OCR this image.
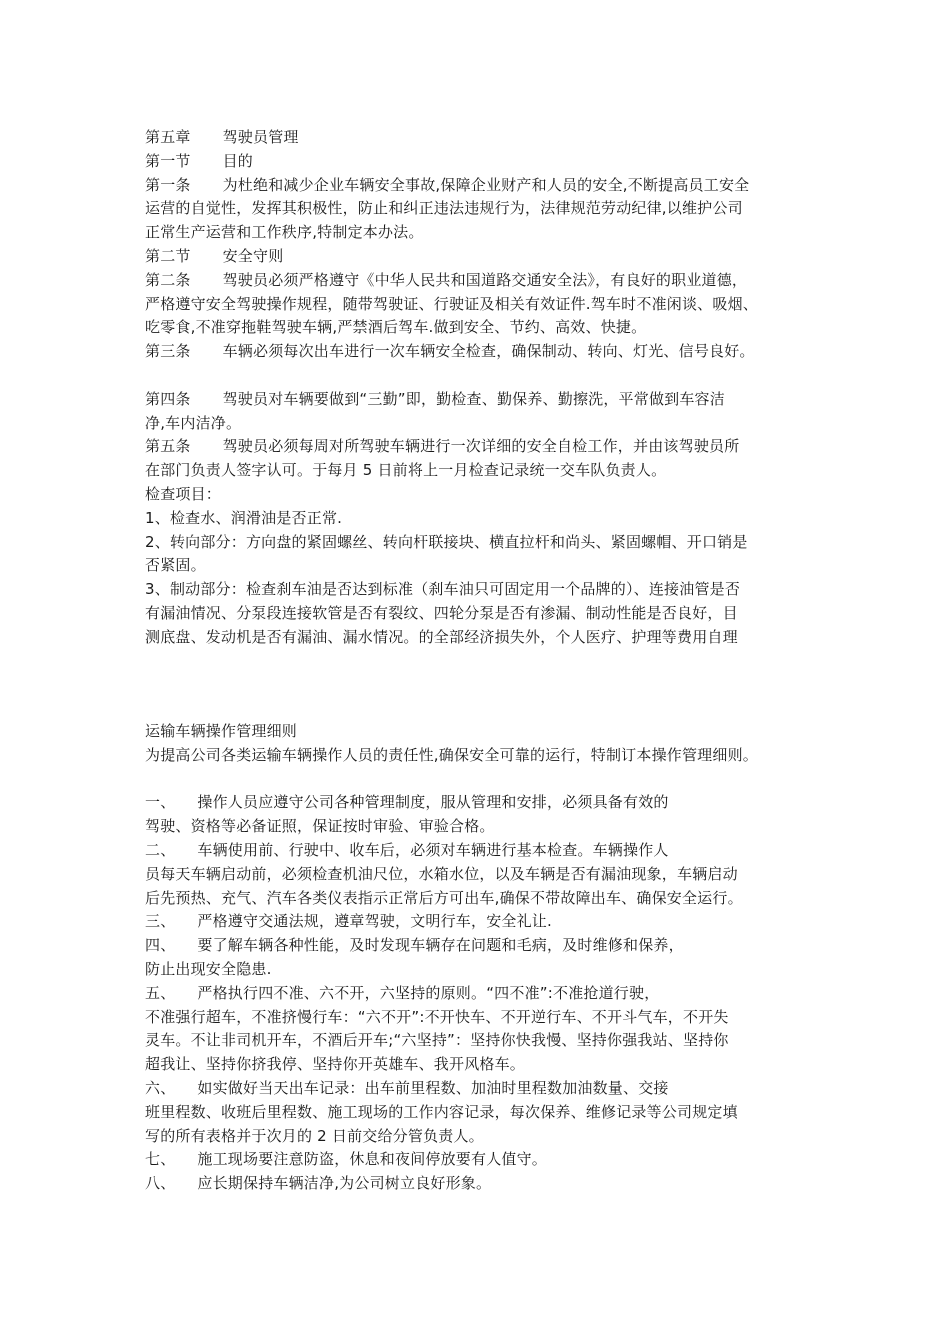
第五章 驾驶员管理
第一节 目的
第一条 为杜绝和减少企业车辆安全事故,保障企业财产和人员的安全,不断提高员工安全
运营的自觉性，发挥其积极性，防止和纠正违法违规行为，法律规范劳动纪律,以维护公司
正常生产运营和工作秩序,特制定本办法。
第二节 安全守则
第二条 驾驶员必须严格遵守《中华人民共和国道路交通安全法》，有良好的职业道德，
严格遵守安全驾驶操作规程，随带驾驶证、行驶证及相关有效证件.驾车时不准闲谈、吸烟、
吃零食,不准穿拖鞋驾驶车辆,严禁酒后驾车.做到安全、节约、高效、快捷。
第三条 车辆必须每次出车进行一次车辆安全检查，确保制动、转向、灯光、信号良好。
第四条 驾驶员对车辆要做到“三勤”即，勤检查、勤保养、勤擦洗，平常做到车容洁
净,车内洁净。
第五条 驾驶员必须每周对所驾驶车辆进行一次详细的安全自检工作，并由该驾驶员所
在部门负责人签字认可。于每月 5 日前将上一月检查记录统一交车队负责人。
检查项目：
1、检查水、润滑油是否正常.
2、转向部分：方向盘的紧固螺丝、转向杆联接块、横直拉杆和尚头、紧固螺帽、开口销是
否紧固。
3、制动部分：检查刹车油是否达到标准（刹车油只可固定用一个品牌的）、连接油管是否
有漏油情况、分泵段连接软管是否有裂纹、四轮分泵是否有渗漏、制动性能是否良好，目
测底盘、发动机是否有漏油、漏水情况。的全部经济损失外，个人医疗、护理等费用自理
运输车辆操作管理细则
为提高公司各类运输车辆操作人员的责任性,确保安全可靠的运行，特制订本操作管理细则。
一、 操作人员应遵守公司各种管理制度，服从管理和安排，必须具备有效的
驾驶、资格等必备证照，保证按时审验、审验合格。
二、 车辆使用前、行驶中、收车后，必须对车辆进行基本检查。车辆操作人
员每天车辆启动前，必须检查机油尺位，水箱水位，以及车辆是否有漏油现象，车辆启动
后先预热、充气、汽车各类仪表指示正常后方可出车,确保不带故障出车、确保安全运行。
三、 严格遵守交通法规，遵章驾驶，文明行车，安全礼让.
四、 要了解车辆各种性能，及时发现车辆存在问题和毛病，及时维修和保养，
防止出现安全隐患.
五、 严格执行四不准、六不开，六坚持的原则。“四不准”:不准抢道行驶，
不准强行超车，不准挤慢行车：“六不开”:不开快车、不开逆行车、不开斗气车，不开失
灵车。不让非司机开车，不酒后开车;“六坚持”：坚持你快我慢、坚持你强我站、坚持你
超我让、坚持你挤我停、坚持你开英雄车、我开风格车。
六、 如实做好当天出车记录：出车前里程数、加油时里程数加油数量、交接
班里程数、收班后里程数、施工现场的工作内容记录，每次保养、维修记录等公司规定填
写的所有表格并于次月的 2 日前交给分管负责人。
七、 施工现场要注意防盗，休息和夜间停放要有人值守。
八、 应长期保持车辆洁净,为公司树立良好形象。
